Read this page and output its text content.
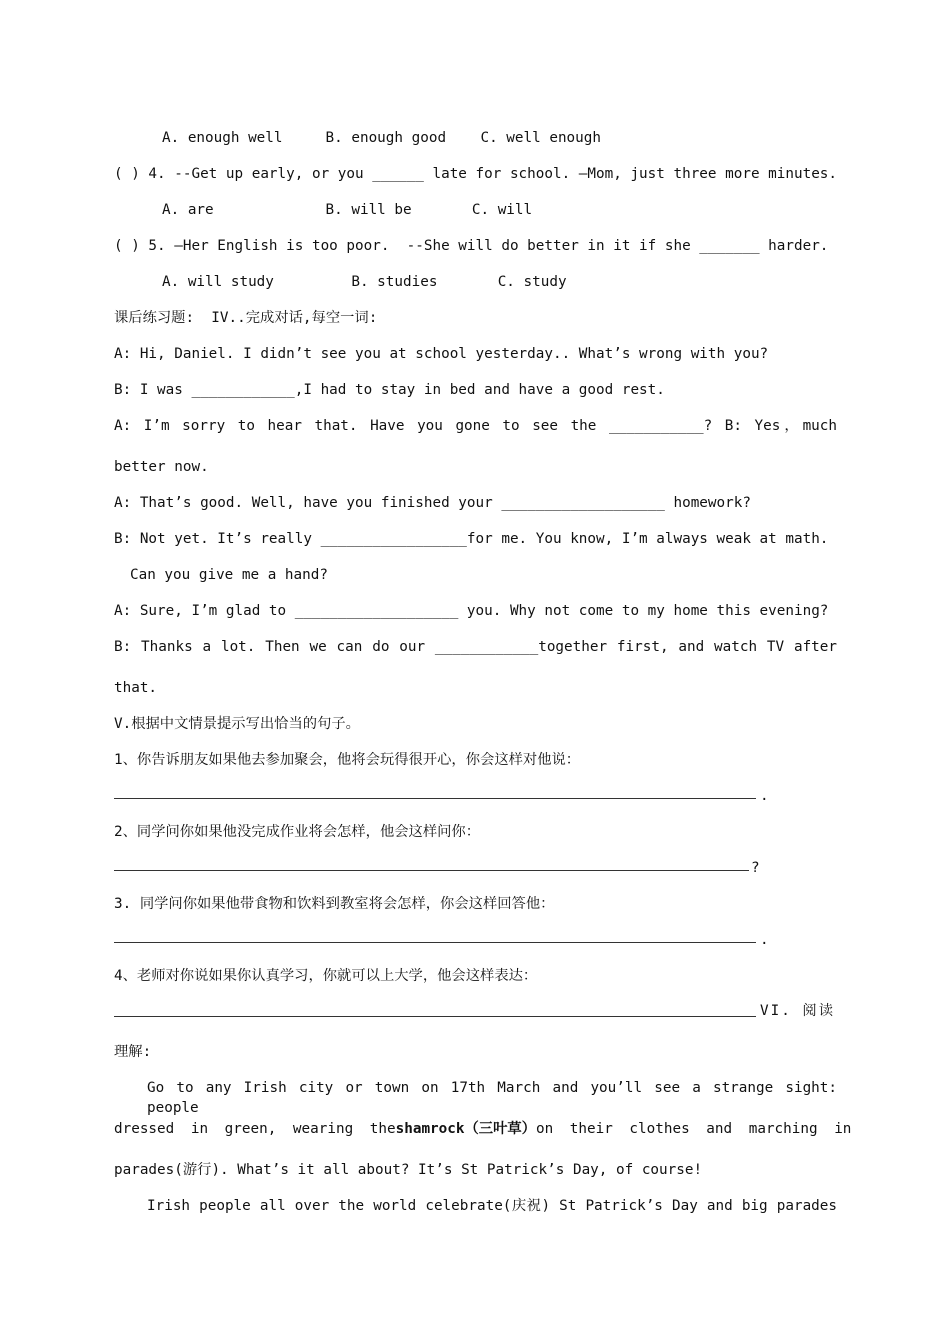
A. enough well     B. enough good    C. well enough
( ) 4. --Get up early, or you ______ late for school. –Mom, just three more minutes.
A. are             B. will be       C. will
( ) 5. –Her English is too poor.  --She will do better in it if she _______ harder.
A. will study         B. studies       C. study
课后练习题:  IV..完成对话,每空一词:
A: Hi, Daniel. I didn’t see you at school yesterday.. What’s wrong with you?
B: I was ____________,I had to stay in bed and have a good rest.
A: I’m sorry to hear that. Have you gone to see the ___________? B: Yes，much
better now.
A: That’s good. Well, have you finished your ___________________ homework?
B: Not yet. It’s really _________________for me. You know, I’m always weak at math.
Can you give me a hand?
A: Sure, I’m glad to ___________________ you. Why not come to my home this evening?
B: Thanks a lot. Then we can do our ____________together first, and watch TV after
that.
V.根据中文情景提示写出恰当的句子。
1、你告诉朋友如果他去参加聚会，他将会玩得很开心，你会这样对他说：
.
2、同学问你如果他没完成作业将会怎样，他会这样问你：
?
3. 同学问你如果他带食物和饮料到教室将会怎样，你会这样回答他：
.
4、老师对你说如果你认真学习，你就可以上大学，他会这样表达：
VI. 阅读
理解:
Go to any Irish city or town on 17th March and you’ll see a strange sight: people
dressed in green, wearing the shamrock（三叶草） on their clothes and marching in
parades(游行). What’s it all about? It’s St Patrick’s Day, of course!
Irish people all over the world celebrate(庆祝) St Patrick’s Day and big parades
